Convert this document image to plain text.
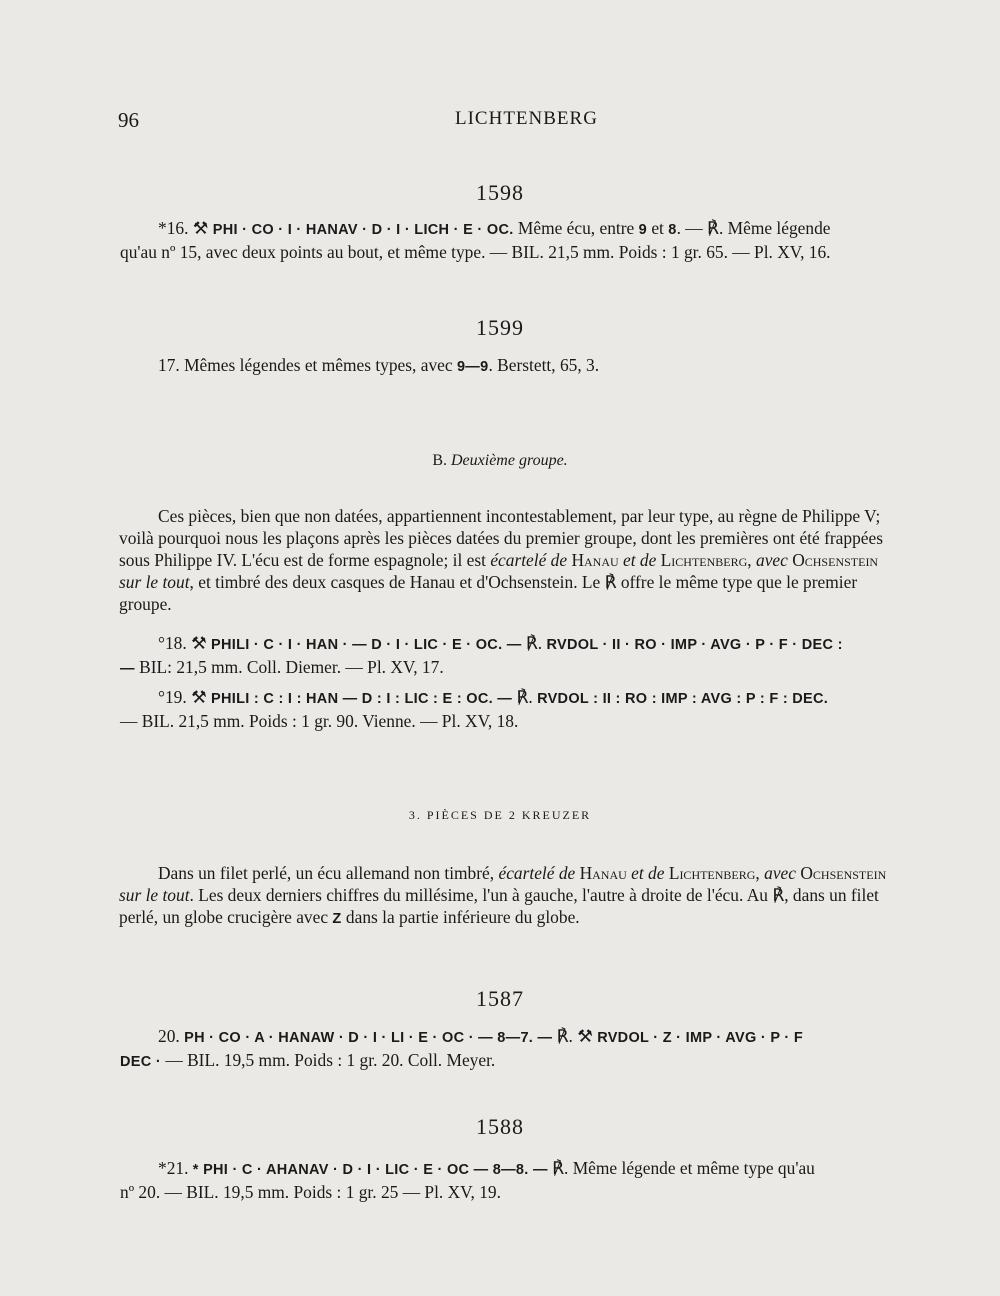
96	LICHTENBERG
1598
*16. ⚒ PHI · CO · I · HANAV · D · I · LICH · E · OC. Même écu, entre 9 et 8. — ℟. Même légende
qu'au nº 15, avec deux points au bout, et même type. — BIL. 21,5 mm. Poids : 1 gr. 65. — Pl. XV, 16.
1599
17. Mêmes légendes et mêmes types, avec 9—9. Berstett, 65, 3.
B. Deuxième groupe.
Ces pièces, bien que non datées, appartiennent incontestablement, par leur type, au règne de Philippe V;
voilà pourquoi nous les plaçons après les pièces datées du premier groupe, dont les premières ont été frappées
sous Philippe IV. L'écu est de forme espagnole; il est écartelé de Hanau et de Lichtenberg, avec Ochsenstein
sur le tout, et timbré des deux casques de Hanau et d'Ochsenstein. Le ℟ offre le même type que le premier
groupe.
°18. ⚒ PHILI · C · I · HAN · — D · I · LIC · E · OC. — ℟. RVDOL · II · RO · IMP · AVG · P · F · DEC :
— BIL: 21,5 mm. Coll. Diemer. — Pl. XV, 17.
°19. ⚒ PHILI : C : I : HAN — D : I : LIC : E : OC. — ℟. RVDOL : II : RO : IMP : AVG : P : F : DEC.
— BIL. 21,5 mm. Poids : 1 gr. 90. Vienne. — Pl. XV, 18.
3. PIÈCES DE 2 KREUZER
Dans un filet perlé, un écu allemand non timbré, écartelé de Hanau et de Lichtenberg, avec Ochsenstein
sur le tout. Les deux derniers chiffres du millésime, l'un à gauche, l'autre à droite de l'écu. Au ℟, dans un filet
perlé, un globe crucigère avec Z dans la partie inférieure du globe.
1587
20. PH · CO · A · HANAW · D · I · LI · E · OC · — 8—7. — ℟. ⚒ RVDOL · Z · IMP · AVG · P · F
DEC · — BIL. 19,5 mm. Poids : 1 gr. 20. Coll. Meyer.
1588
*21. * PHI · C · AHANAV · D · I · LIC · E · OC — 8—8. — ℟. Même légende et même type qu'au
nº 20. — BIL. 19,5 mm. Poids : 1 gr. 25 — Pl. XV, 19.
